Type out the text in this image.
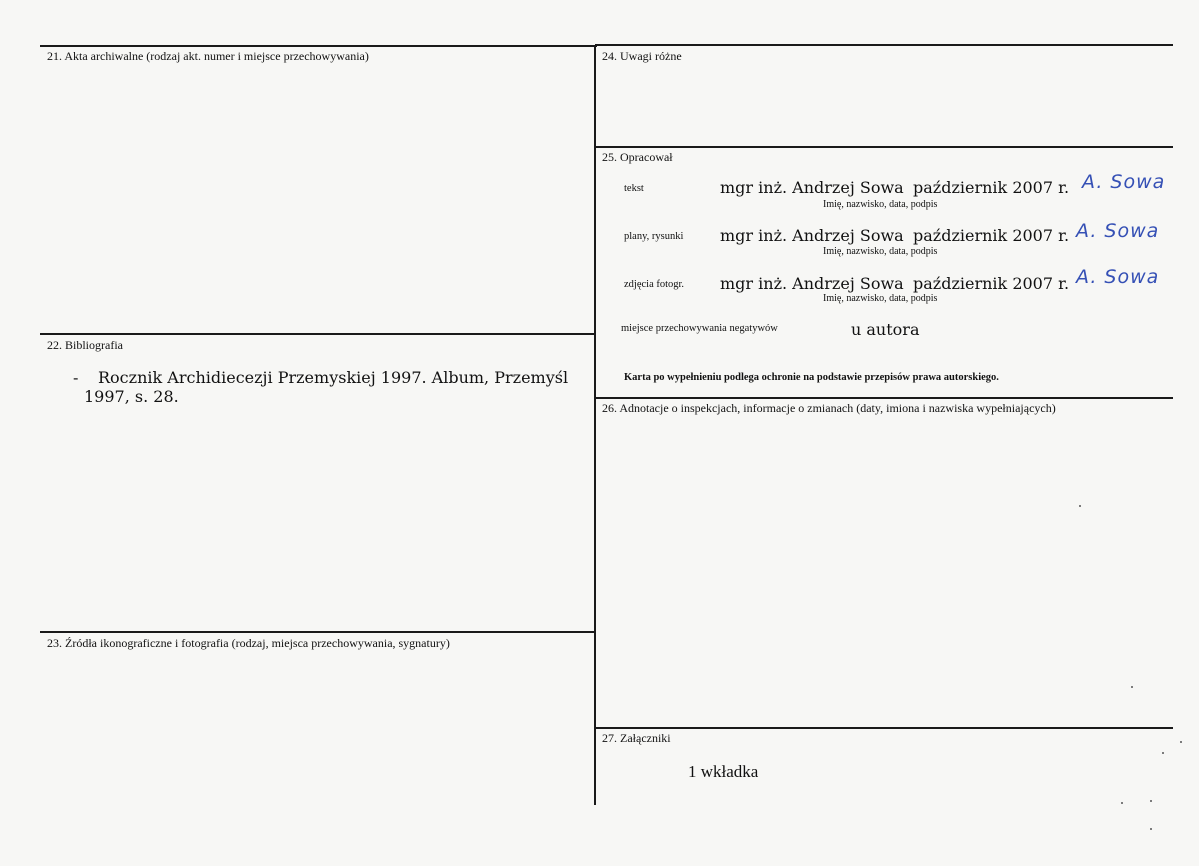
21. Akta archiwalne (rodzaj akt. numer i miejsce przechowywania)
22. Bibliografia
-	Rocznik Archidiecezji Przemyskiej 1997. Album, Przemyśl 1997, s. 28.
23. Źródła ikonograficzne i fotografia (rodzaj, miejsca przechowywania, sygnatury)
24. Uwagi różne
25. Opracował
tekst	mgr inż. Andrzej Sowa październik 2007 r. A. Sowa
Imię, nazwisko, data, podpis
plany, rysunki mgr inż. Andrzej Sowa październik 2007 r. A. Sowa
Imię, nazwisko, data, podpis
zdjęcia fotogr. mgr inż. Andrzej Sowa październik 2007 r. A. Sowa
Imię, nazwisko, data, podpis
miejsce przechowywania negatywów	u autora
Karta po wypełnieniu podlega ochronie na podstawie przepisów prawa autorskiego.
26. Adnotacje o inspekcjach, informacje o zmianach (daty, imiona i nazwiska wypełniających)
27. Załączniki
1 wkładka
